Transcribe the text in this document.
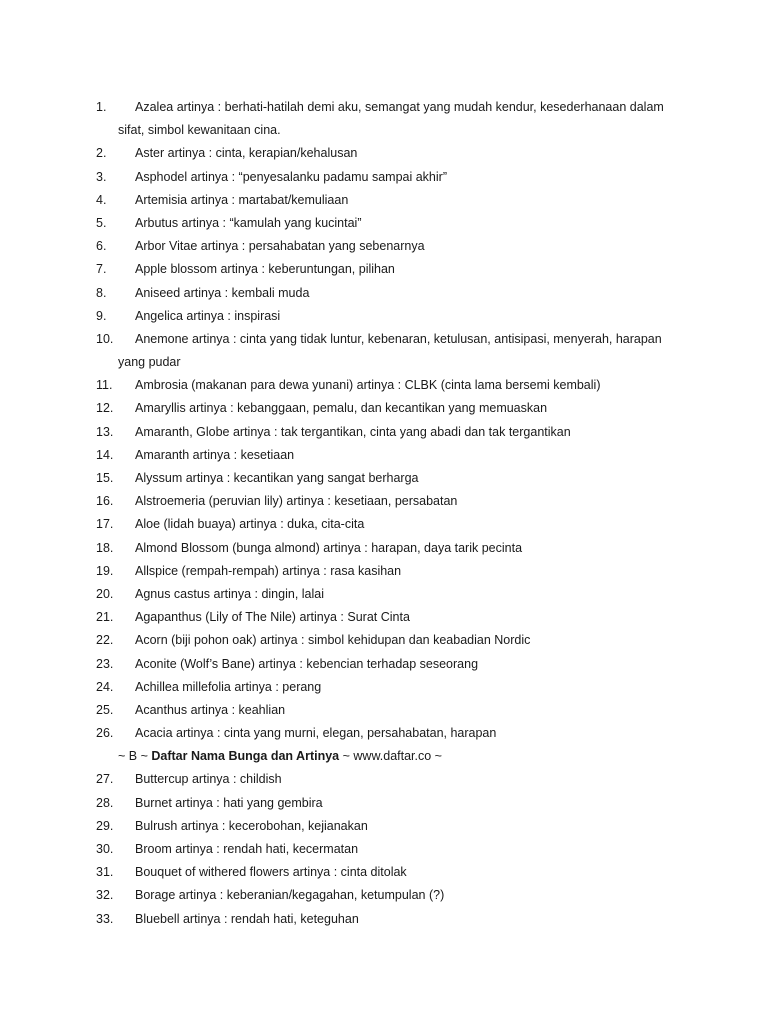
1.	Azalea artinya : berhati-hatilah demi aku, semangat yang mudah kendur, kesederhanaan dalam
sifat, simbol kewanitaan cina.
2.	Aster artinya : cinta, kerapian/kehalusan
3.	Asphodel artinya : “penyesalanku padamu sampai akhir”
4.	Artemisia artinya : martabat/kemuliaan
5.	Arbutus artinya : “kamulah yang kucintai”
6.	Arbor Vitae artinya : persahabatan yang sebenarnya
7.	Apple blossom artinya : keberuntungan, pilihan
8.	Aniseed artinya : kembali muda
9.	Angelica artinya : inspirasi
10.	Anemone artinya : cinta yang tidak luntur, kebenaran, ketulusan, antisipasi, menyerah, harapan
yang pudar
11.	Ambrosia (makanan para dewa yunani) artinya : CLBK (cinta lama bersemi kembali)
12.	Amaryllis artinya : kebanggaan, pemalu, dan kecantikan yang memuaskan
13.	Amaranth, Globe artinya : tak tergantikan, cinta yang abadi dan tak tergantikan
14.	Amaranth artinya : kesetiaan
15.	Alyssum artinya : kecantikan yang sangat berharga
16.	Alstroemeria (peruvian lily) artinya : kesetiaan, persabatan
17.	Aloe (lidah buaya) artinya : duka, cita-cita
18.	Almond Blossom (bunga almond) artinya : harapan, daya tarik pecinta
19.	Allspice (rempah-rempah) artinya : rasa kasihan
20.	Agnus castus artinya : dingin, lalai
21.	Agapanthus (Lily of The Nile) artinya : Surat Cinta
22.	Acorn (biji pohon oak) artinya : simbol kehidupan dan keabadian Nordic
23.	Aconite (Wolf’s Bane) artinya : kebencian terhadap seseorang
24.	Achillea millefolia artinya : perang
25.	Acanthus artinya : keahlian
26.	Acacia artinya : cinta yang murni, elegan, persahabatan, harapan
~ B ~ Daftar Nama Bunga dan Artinya ~ www.daftar.co ~
27.	Buttercup artinya : childish
28.	Burnet artinya : hati yang gembira
29.	Bulrush artinya : kecerobohan, kejianakan
30.	Broom artinya : rendah hati, kecermatan
31.	Bouquet of withered flowers artinya : cinta ditolak
32.	Borage artinya : keberanian/kegagahan, ketumpulan (?)
33.	Bluebell artinya : rendah hati, keteguhan
